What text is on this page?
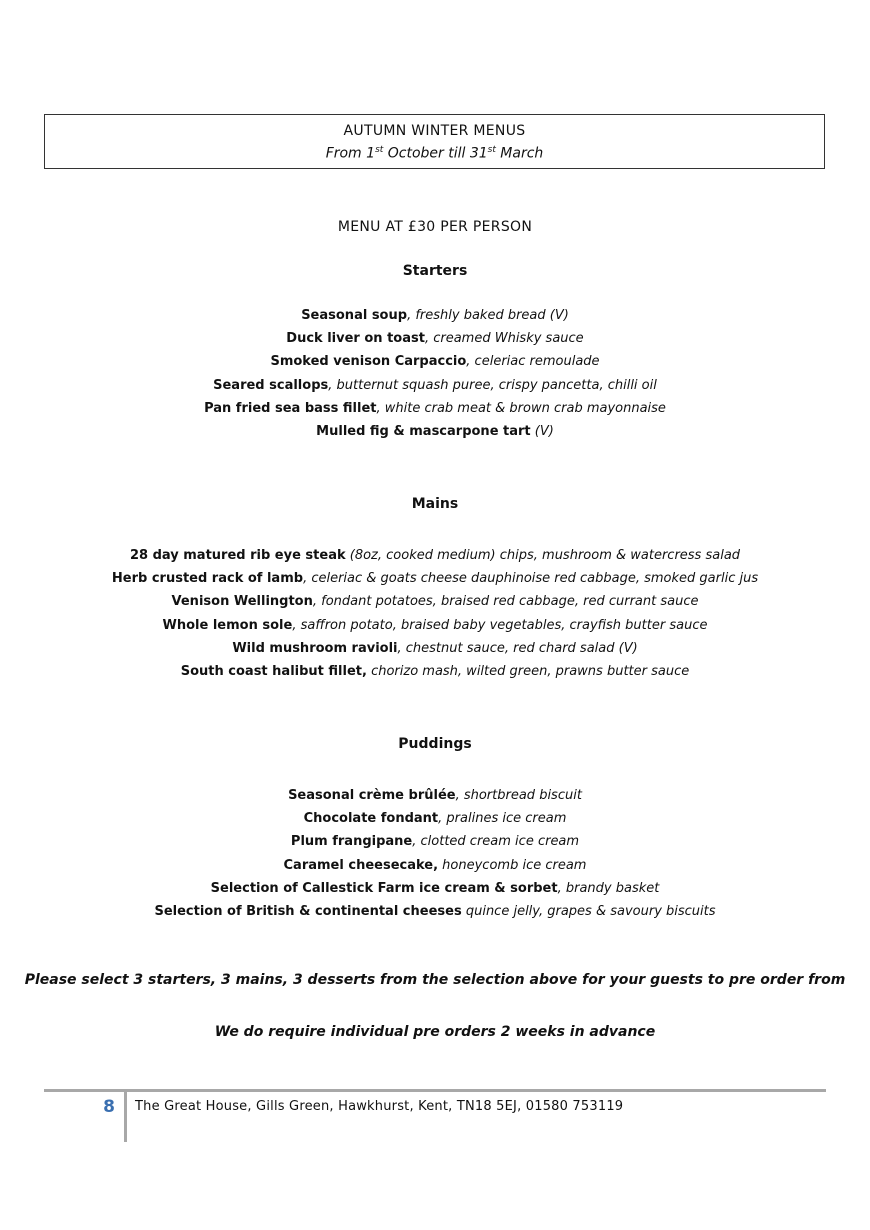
AUTUMN WINTER MENUS
From 1st October till 31st March
MENU AT £30 PER PERSON
Starters
Seasonal soup, freshly baked bread (V)
Duck liver on toast, creamed Whisky sauce
Smoked venison Carpaccio, celeriac remoulade
Seared scallops, butternut squash puree, crispy pancetta, chilli oil
Pan fried sea bass fillet, white crab meat & brown crab mayonnaise
Mulled fig & mascarpone tart (V)
Mains
28 day matured rib eye steak (8oz, cooked medium) chips, mushroom & watercress salad
Herb crusted rack of lamb, celeriac & goats cheese dauphinoise red cabbage, smoked garlic jus
Venison Wellington, fondant potatoes, braised red cabbage, red currant sauce
Whole lemon sole, saffron potato, braised baby vegetables, crayfish butter sauce
Wild mushroom ravioli, chestnut sauce, red chard salad (V)
South coast halibut fillet, chorizo mash, wilted green, prawns butter sauce
Puddings
Seasonal crème brûlée, shortbread biscuit
Chocolate fondant, pralines ice cream
Plum frangipane, clotted cream ice cream
Caramel cheesecake, honeycomb ice cream
Selection of Callestick Farm ice cream & sorbet, brandy basket
Selection of British & continental cheeses quince jelly, grapes & savoury biscuits
Please select 3 starters, 3 mains, 3 desserts from the selection above for your guests to pre order from
We do require individual pre orders 2 weeks in advance
8	The Great House, Gills Green, Hawkhurst, Kent, TN18 5EJ, 01580 753119
